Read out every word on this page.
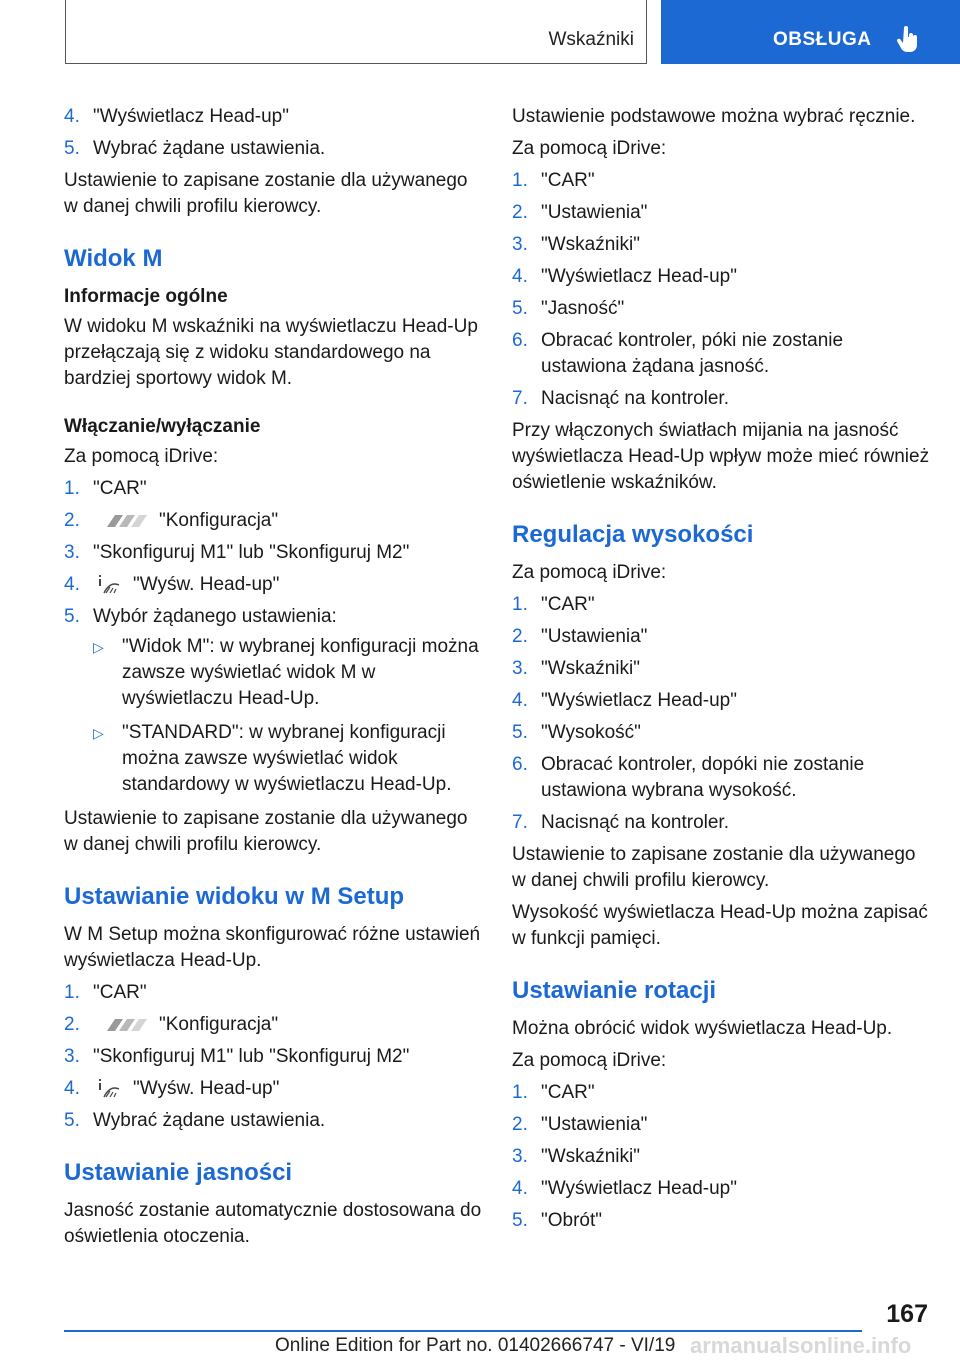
Wskaźniki	OBSŁUGA
4. "Wyświetlacz Head-up"
5. Wybrać żądane ustawienia.

Ustawienie to zapisane zostanie dla używanego w danej chwili profilu kierowcy.

Widok M
Informacje ogólne

W widoku M wskaźniki na wyświetlaczu Head-Up przełączają się z widoku standardowego na bardziej sportowy widok M.

Włączanie/wyłączanie

Za pomocą iDrive:

1. "CAR"
2.	"Konfiguracja"
3. "Skonfiguruj M1" lub "Skonfiguruj M2"
4.	"Wyśw. Head-up"
5. Wybór żądanego ustawienia:
▷ "Widok M": w wybranej konfiguracji można zawsze wyświetlać widok M w wyświetlaczu Head-Up.
▷ "STANDARD": w wybranej konfiguracji można zawsze wyświetlać widok standardowy w wyświetlaczu Head-Up.

Ustawienie to zapisane zostanie dla używanego w danej chwili profilu kierowcy.

Ustawianie widoku w M Setup

W M Setup można skonfigurować różne ustawień wyświetlacza Head-Up.

1. "CAR"
2.	"Konfiguracja"
3. "Skonfiguruj M1" lub "Skonfiguruj M2"
4.	"Wyśw. Head-up"
5. Wybrać żądane ustawienia.
Ustawianie jasności

Jasność zostanie automatycznie dostosowana do oświetlenia otoczenia.

Ustawienie podstawowe można wybrać ręcznie.

Za pomocą iDrive:

1. "CAR"
2. "Ustawienia"
3. "Wskaźniki"
4. "Wyświetlacz Head-up"
5. "Jasność"
6. Obracać kontroler, póki nie zostanie ustawiona żądana jasność.
7. Nacisnąć na kontroler.

Przy włączonych światłach mijania na jasność wyświetlacza Head-Up wpływ może mieć również oświetlenie wskaźników.

Regulacja wysokości

Za pomocą iDrive:

1. "CAR"
2. "Ustawienia"
3. "Wskaźniki"
4. "Wyświetlacz Head-up"
5. "Wysokość"
6. Obracać kontroler, dopóki nie zostanie ustawiona wybrana wysokość.
7. Nacisnąć na kontroler.

Ustawienie to zapisane zostanie dla używanego w danej chwili profilu kierowcy.

Wysokość wyświetlacza Head-Up można zapisać w funkcji pamięci.

Ustawianie rotacji

Można obrócić widok wyświetlacza Head-Up.

Za pomocą iDrive:

1. "CAR"
2. "Ustawienia"
3. "Wskaźniki"
4. "Wyświetlacz Head-up"
5. "Obrót"
167
armanualsonline.info
Online Edition for Part no. 01402666747 - VI/19
